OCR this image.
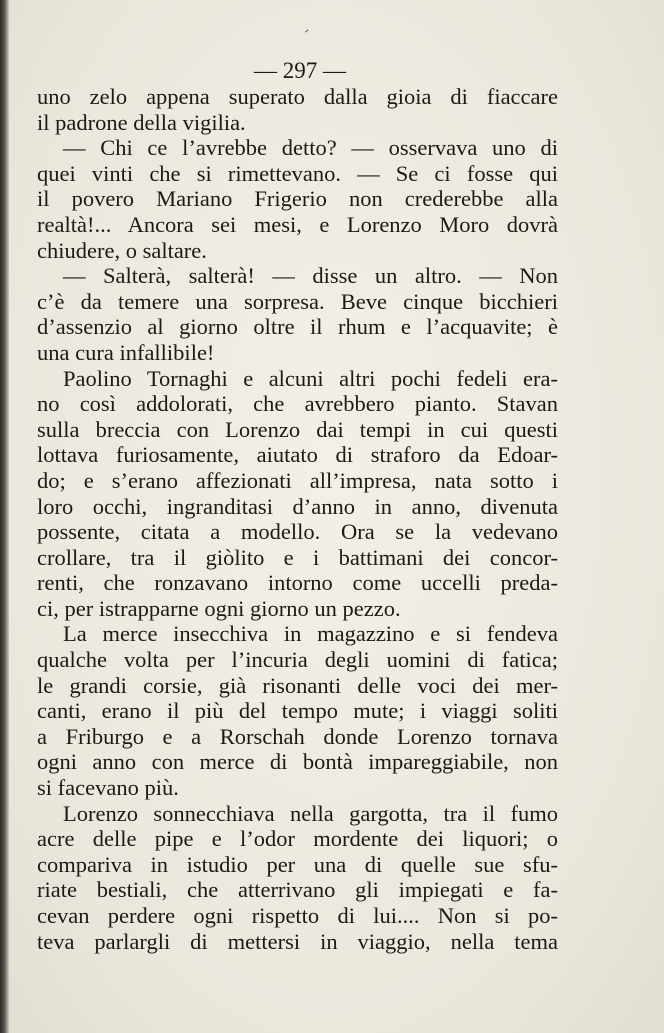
— 297 —
uno zelo appena superato dalla gioia di fiaccare
il padrone della vigilia.
— Chi ce l’avrebbe detto? — osservava uno di
quei vinti che si rimettevano. — Se ci fosse qui
il povero Mariano Frigerio non crederebbe alla
realtà!... Ancora sei mesi, e Lorenzo Moro dovrà
chiudere, o saltare.
— Salterà, salterà! — disse un altro. — Non
c’è da temere una sorpresa. Beve cinque bicchieri
d’assenzio al giorno oltre il rhum e l’acquavite; è
una cura infallibile!
Paolino Tornaghi e alcuni altri pochi fedeli era-
no così addolorati, che avrebbero pianto. Stavan
sulla breccia con Lorenzo dai tempi in cui questi
lottava furiosamente, aiutato di straforo da Edoar-
do; e s’erano affezionati all’impresa, nata sotto i
loro occhi, ingranditasi d’anno in anno, divenuta
possente, citata a modello. Ora se la vedevano
crollare, tra il giòlito e i battimani dei concor-
renti, che ronzavano intorno come uccelli preda-
ci, per istrapparne ogni giorno un pezzo.
La merce insecchiva in magazzino e si fendeva
qualche volta per l’incuria degli uomini di fatica;
le grandi corsie, già risonanti delle voci dei mer-
canti, erano il più del tempo mute; i viaggi soliti
a Friburgo e a Rorschah donde Lorenzo tornava
ogni anno con merce di bontà impareggiabile, non
si facevano più.
Lorenzo sonnecchiava nella gargotta, tra il fumo
acre delle pipe e l’odor mordente dei liquori; o
compariva in istudio per una di quelle sue sfu-
riate bestiali, che atterrivano gli impiegati e fa-
cevan perdere ogni rispetto di lui.... Non si po-
teva parlargli di mettersi in viaggio, nella tema
